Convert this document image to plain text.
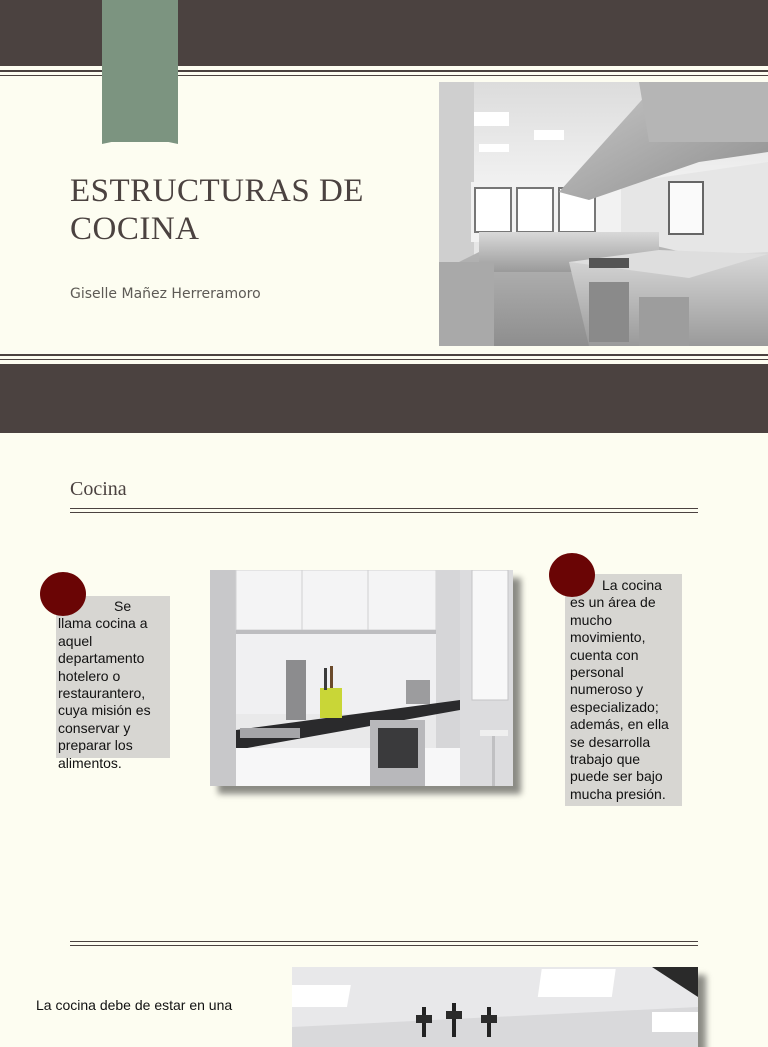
ESTRUCTURAS DE COCINA
Giselle Mañez Herreramoro
Cocina
Se llama cocina a aquel departamento hotelero o restaurantero, cuya misión es conservar y preparar los alimentos.
La cocina es un área de mucho movimiento, cuenta con personal numeroso y especializado; además, en ella se desarrolla trabajo que puede ser bajo mucha presión.
La cocina debe de estar en una
